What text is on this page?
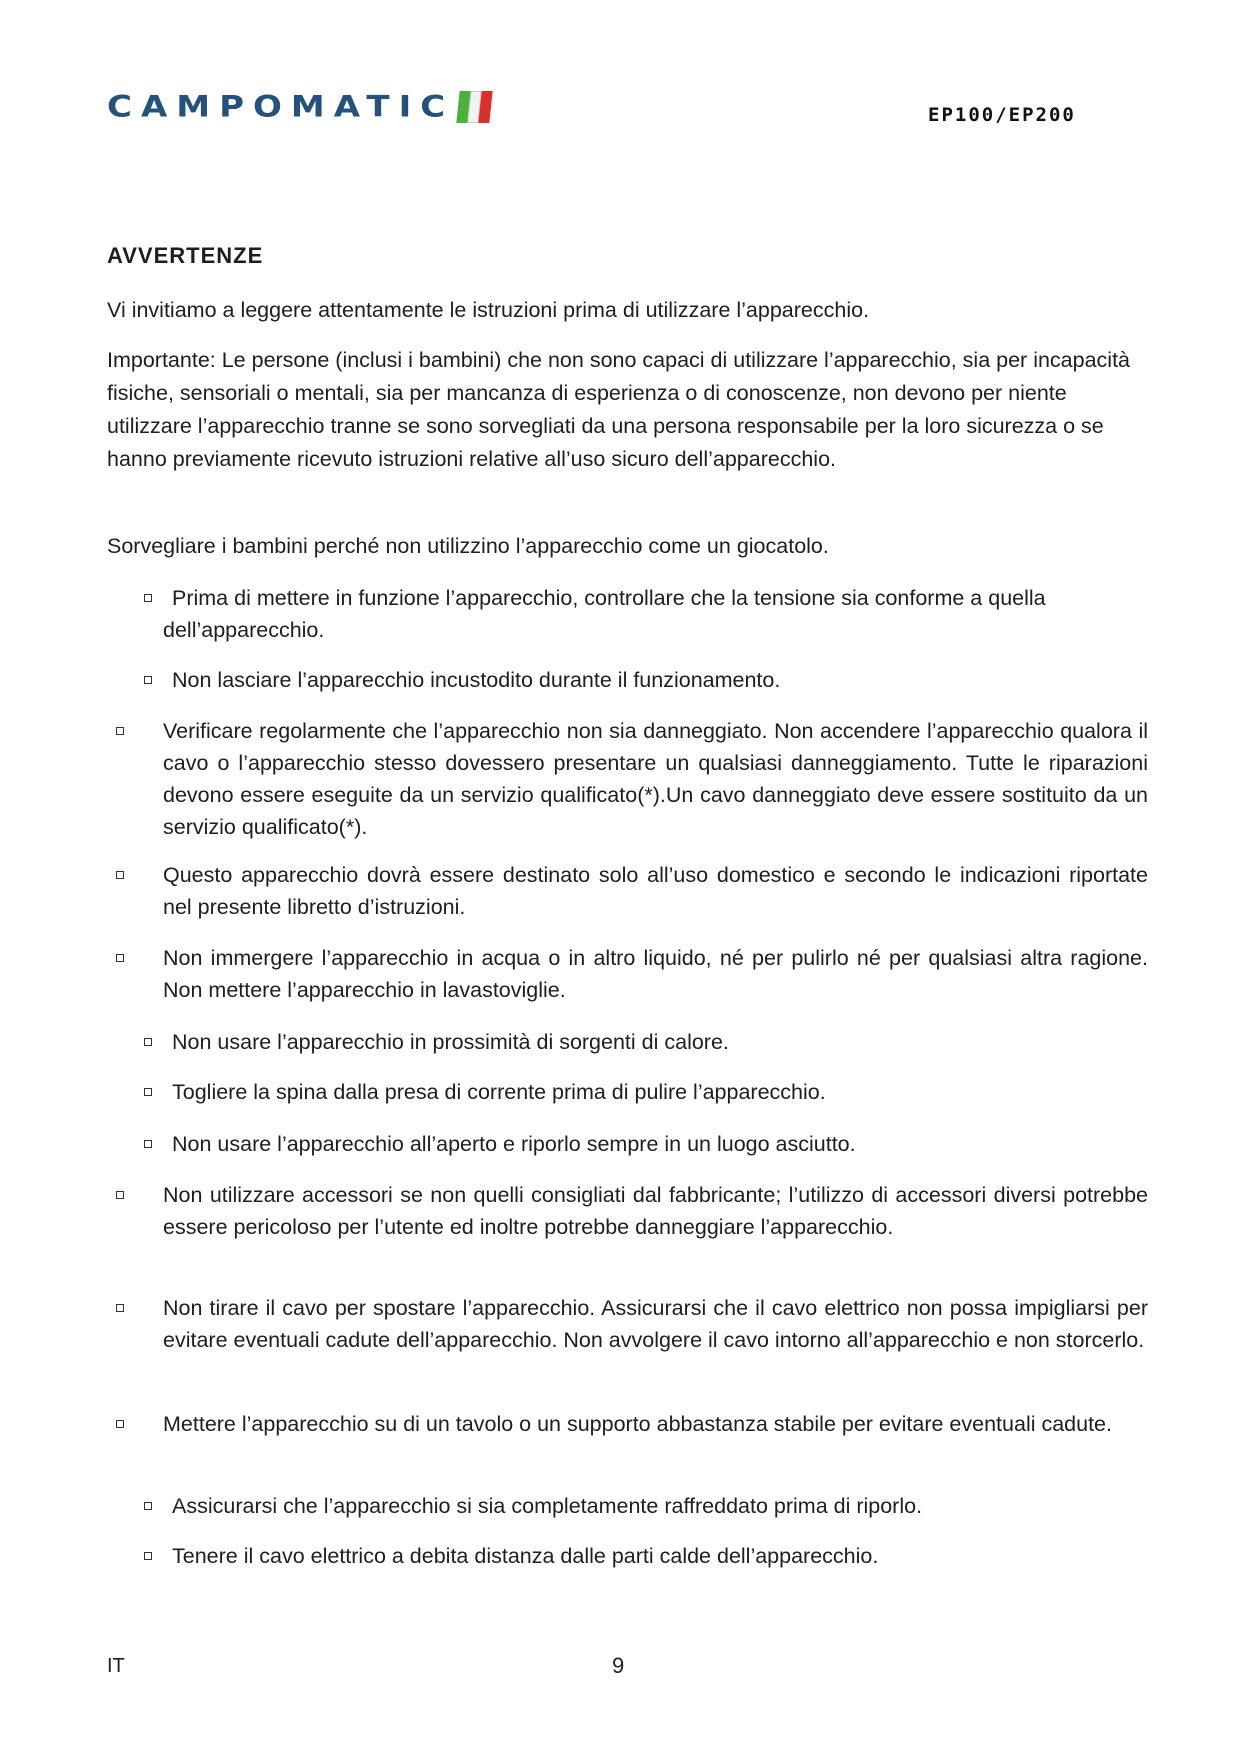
CAMPOMATIC	EP100/EP200
AVVERTENZE
Vi invitiamo a leggere attentamente le istruzioni prima di utilizzare l’apparecchio.
Importante: Le persone (inclusi i bambini) che non sono capaci di utilizzare l’apparecchio, sia per incapacità fisiche, sensoriali o mentali, sia per mancanza di esperienza o di conoscenze, non devono per niente utilizzare l’apparecchio tranne se sono sorvegliati da una persona responsabile per la loro sicurezza o se hanno previamente ricevuto istruzioni relative all’uso sicuro dell’apparecchio.
Sorvegliare i bambini perché non utilizzino l’apparecchio come un giocatolo.
Prima di mettere in funzione l’apparecchio, controllare che la tensione sia conforme a quella dell’apparecchio.
Non lasciare l’apparecchio incustodito durante il funzionamento.
Verificare regolarmente che l’apparecchio non sia danneggiato. Non accendere l’apparecchio qualora il cavo o l’apparecchio stesso dovessero presentare un qualsiasi danneggiamento. Tutte le riparazioni devono essere eseguite da un servizio qualificato(*).Un cavo danneggiato deve essere sostituito da un servizio qualificato(*).
Questo apparecchio dovrà essere destinato solo all’uso domestico e secondo le indicazioni riportate nel presente libretto d’istruzioni.
Non immergere l’apparecchio in acqua o in altro liquido, né per pulirlo né per qualsiasi altra ragione. Non mettere l’apparecchio in lavastoviglie.
Non usare l’apparecchio in prossimità di sorgenti di calore.
Togliere la spina dalla presa di corrente prima di pulire l’apparecchio.
Non usare l’apparecchio all’aperto e riporlo sempre in un luogo asciutto.
Non utilizzare accessori se non quelli consigliati dal fabbricante; l’utilizzo di accessori diversi potrebbe essere pericoloso per l’utente ed inoltre potrebbe danneggiare l’apparecchio.
Non tirare il cavo per spostare l’apparecchio. Assicurarsi che il cavo elettrico non possa impigliarsi per evitare eventuali cadute dell’apparecchio. Non avvolgere il cavo intorno all’apparecchio e non storcerlo.
Mettere l’apparecchio su di un tavolo o un supporto abbastanza stabile per evitare eventuali cadute.
Assicurarsi che l’apparecchio si sia completamente raffreddato prima di riporlo.
Tenere il cavo elettrico a debita distanza dalle parti calde dell’apparecchio.
IT	9
